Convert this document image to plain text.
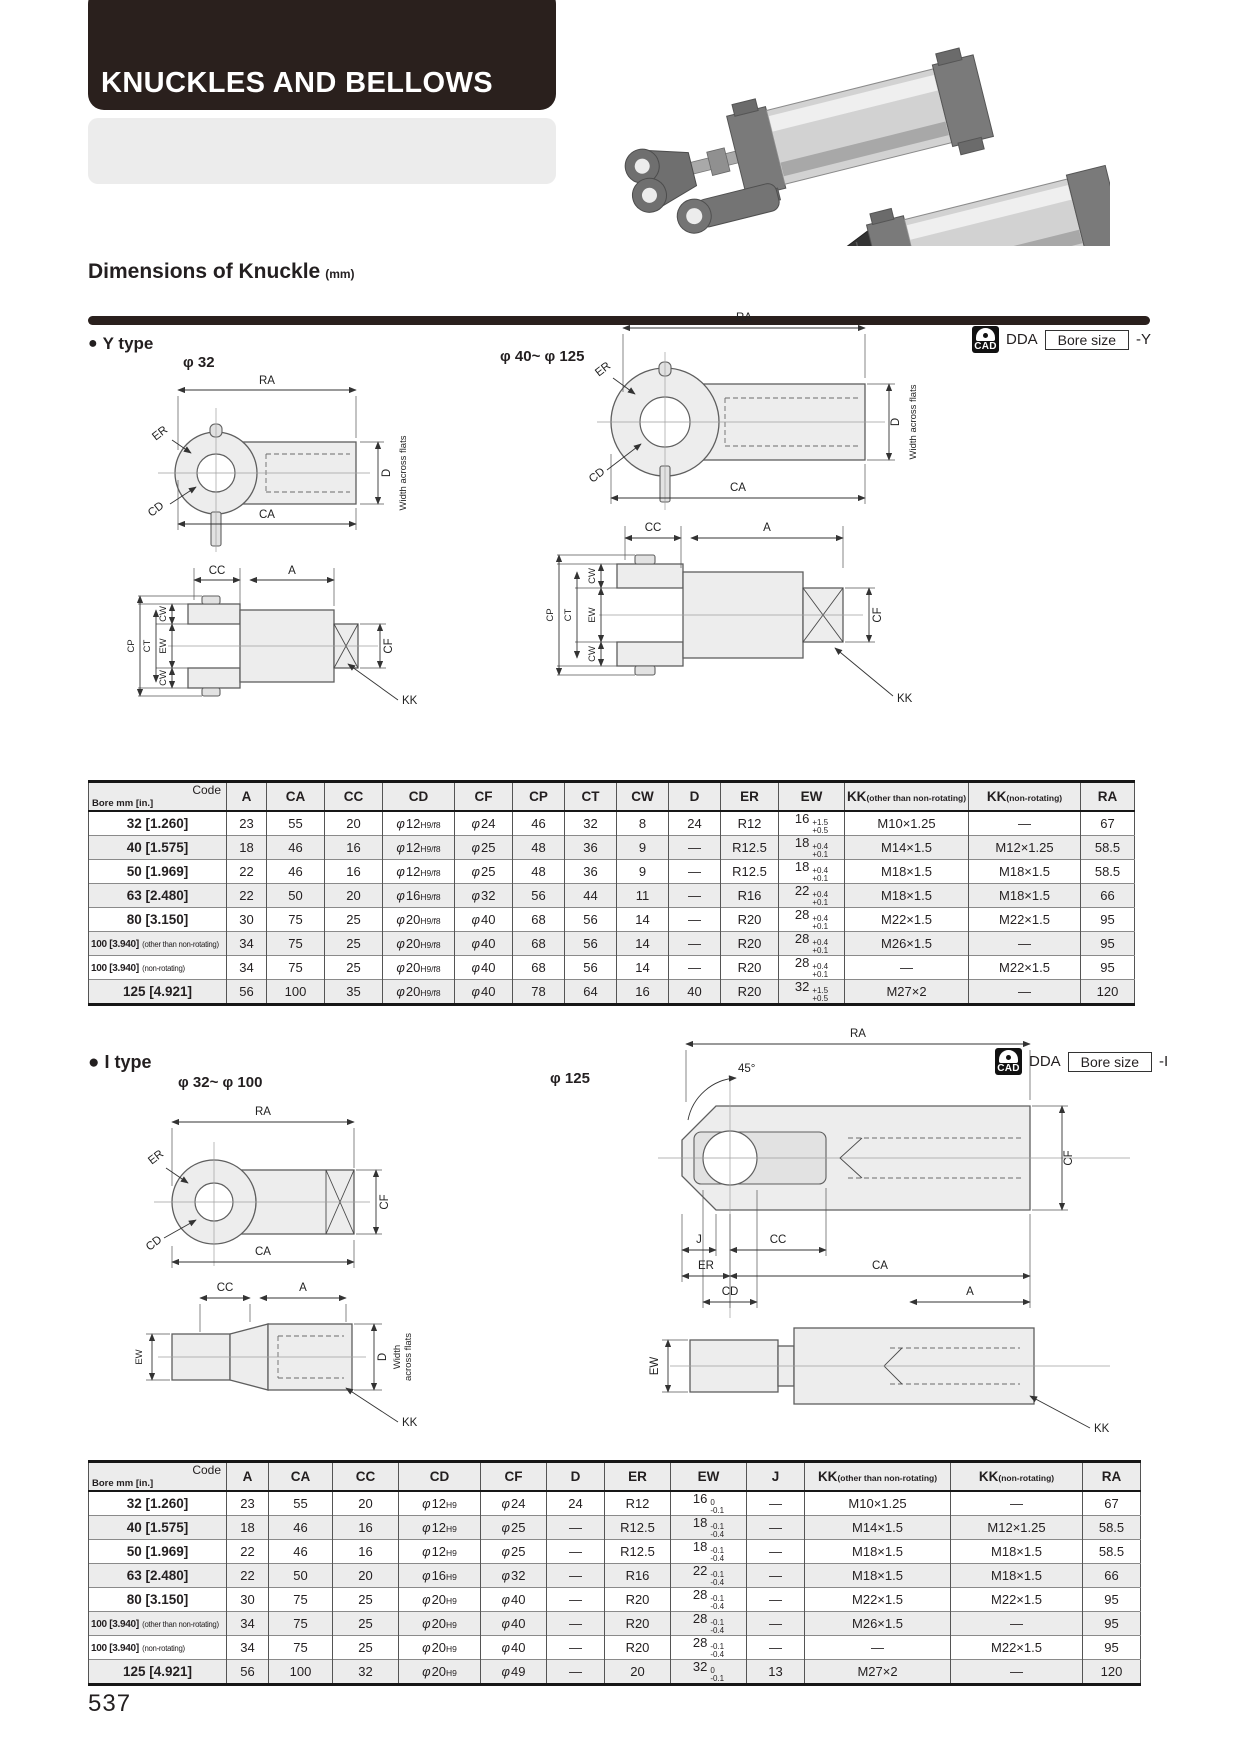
KNUCKLES AND BELLOWS
Dimensions of Knuckle (mm)
● Y type
φ 32	φ 40~ φ 125
CAD DDA	Bore size	-Y
RA
ER
CD
D Width across flats
CA
CC	A
CW
EW
CW
CT
CP	CF
KK
RA
ER
CD
D Width across flats
CA
CC	A
CW
EW
CW
CT
CP	CF
KK
Code
Bore mm [in.]	A	CA	CC	CD	CF	CP	CT	CW	D	ER	EW	KK(other than non-rotating)	KK(non-rotating)	RA
32 [1.260]	23	55	20	φ12H9/f8	φ24	46	32	8	24	R12	16 +1.5
+0.5	M10×1.25	—	67
40 [1.575]	18	46	16	φ12H9/f8	φ25	48	36	9	—	R12.5	18 +0.4
+0.1	M14×1.5	M12×1.25	58.5
50 [1.969]	22	46	16	φ12H9/f8	φ25	48	36	9	—	R12.5	18 +0.4
+0.1	M18×1.5	M18×1.5	58.5
63 [2.480]	22	50	20	φ16H9/f8	φ32	56	44	11	—	R16	22 +0.4
+0.1	M18×1.5	M18×1.5	66
80 [3.150]	30	75	25	φ20H9/f8	φ40	68	56	14	—	R20	28 +0.4
+0.1	M22×1.5	M22×1.5	95
100 [3.940] (other than non-rotating)	34	75	25	φ20H9/f8	φ40	68	56	14	—	R20	28 +0.4
+0.1	M26×1.5	—	95
100 [3.940] (non-rotating)	34	75	25	φ20H9/f8	φ40	68	56	14	—	R20	28 +0.4
+0.1	—	M22×1.5	95
125 [4.921]	56	100	35	φ20H9/f8	φ40	78	64	16	40	R20	32 +1.5
+0.5	M27×2	—	120
● I type
φ 32~ φ 100	φ 125
CAD DDA	Bore size	-I
RA
ER
CD
CF
CA
CC	A
EW	D Width across flats
KK
RA
45°
CF
J	CC
ER	CA
CD	A
EW
KK
Code
Bore mm [in.]	A	CA	CC	CD	CF	D	ER	EW	J	KK(other than non-rotating)	KK(non-rotating)	RA
32 [1.260]	23	55	20	φ12H9	φ24	24	R12	16 0
-0.1	—	M10×1.25	—	67
40 [1.575]	18	46	16	φ12H9	φ25	—	R12.5	18 -0.1
-0.4	—	M14×1.5	M12×1.25	58.5
50 [1.969]	22	46	16	φ12H9	φ25	—	R12.5	18 -0.1
-0.4	—	M18×1.5	M18×1.5	58.5
63 [2.480]	22	50	20	φ16H9	φ32	—	R16	22 -0.1
-0.4	—	M18×1.5	M18×1.5	66
80 [3.150]	30	75	25	φ20H9	φ40	—	R20	28 -0.1
-0.4	—	M22×1.5	M22×1.5	95
100 [3.940] (other than non-rotating)	34	75	25	φ20H9	φ40	—	R20	28 -0.1
-0.4	—	M26×1.5	—	95
100 [3.940] (non-rotating)	34	75	25	φ20H9	φ40	—	R20	28 -0.1
-0.4	—	—	M22×1.5	95
125 [4.921]	56	100	32	φ20H9	φ49	—	20	32 0
-0.1	13	M27×2	—	120
537
